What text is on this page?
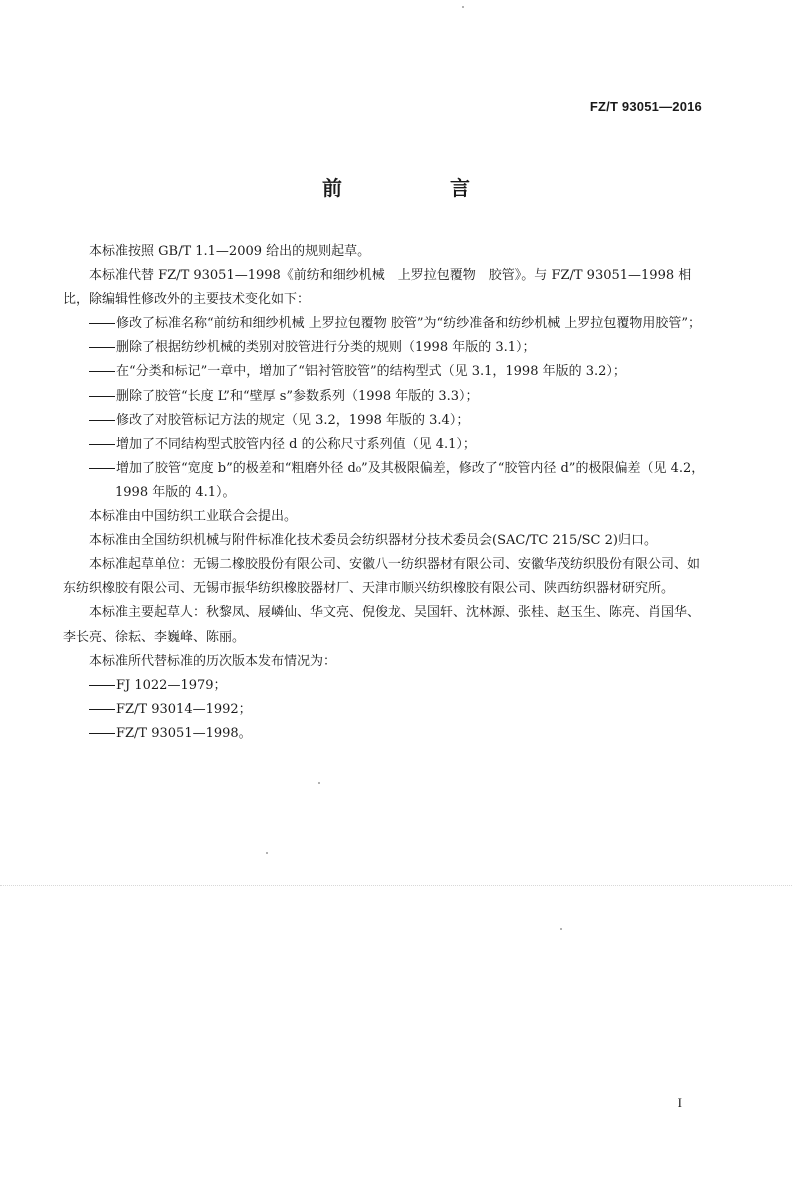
FZ/T 93051—2016
前　言

本标准按照 GB/T 1.1—2009 给出的规则起草。

本标准代替 FZ/T 93051—1998《前纺和细纱机械　上罗拉包覆物　胶管》。与 FZ/T 93051—1998 相比，除编辑性修改外的主要技术变化如下：

修改了标准名称“前纺和细纱机械 上罗拉包覆物 胶管”为“纺纱准备和纺纱机械 上罗拉包覆物用胶管”；

删除了根据纺纱机械的类别对胶管进行分类的规则（1998 年版的 3.1）；

在“分类和标记”一章中，增加了“铝衬管胶管”的结构型式（见 3.1，1998 年版的 3.2）；

删除了胶管“长度 L”和“壁厚 s”参数系列（1998 年版的 3.3）；

修改了对胶管标记方法的规定（见 3.2，1998 年版的 3.4）；

增加了不同结构型式胶管内径 d 的公称尺寸系列值（见 4.1）；

增加了胶管“宽度 b”的极差和“粗磨外径 d₀”及其极限偏差，修改了“胶管内径 d”的极限偏差（见 4.2，1998 年版的 4.1）。

本标准由中国纺织工业联合会提出。

本标准由全国纺织机械与附件标准化技术委员会纺织器材分技术委员会(SAC/TC 215/SC 2)归口。

本标准起草单位：无锡二橡胶股份有限公司、安徽八一纺织器材有限公司、安徽华茂纺织股份有限公司、如东纺织橡胶有限公司、无锡市振华纺织橡胶器材厂、天津市顺兴纺织橡胶有限公司、陕西纺织器材研究所。

本标准主要起草人：秋黎凤、屐嶙仙、华文亮、倪俊龙、吴国轩、沈林源、张桂、赵玉生、陈亮、肖国华、李长亮、徐耘、李巍峰、陈丽。

本标准所代替标准的历次版本发布情况为：

FJ 1022—1979；

FZ/T 93014—1992；

FZ/T 93051—1998。

I
